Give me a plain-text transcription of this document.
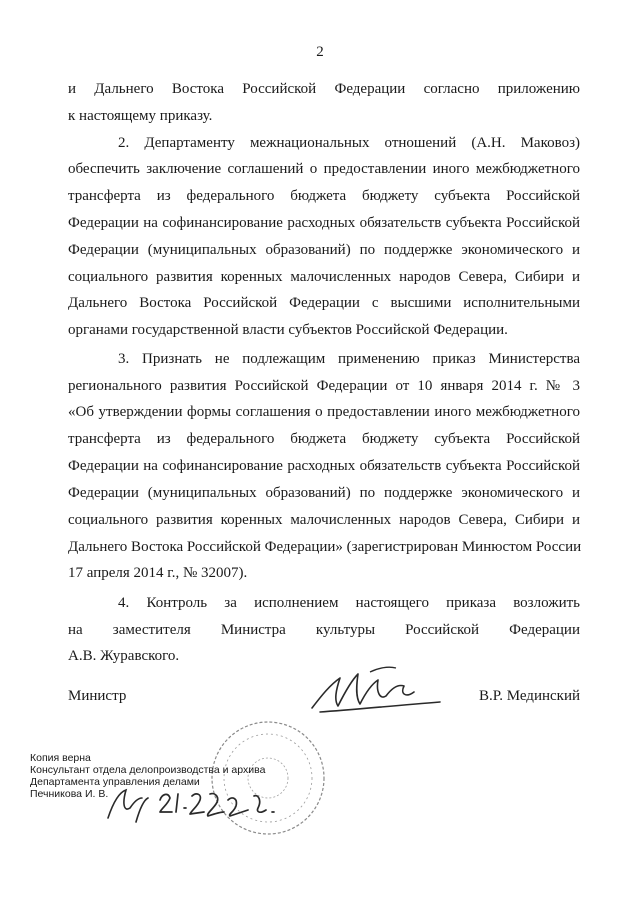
2
и Дальнего Востока Российской Федерации согласно приложению
к настоящему приказу.
2. Департаменту межнациональных отношений (А.Н. Маковоз)
обеспечить заключение соглашений о предоставлении иного межбюджетного
трансферта из федерального бюджета бюджету субъекта Российской
Федерации на софинансирование расходных обязательств субъекта Российской
Федерации (муниципальных образований) по поддержке экономического и
социального развития коренных малочисленных народов Севера, Сибири и
Дальнего Востока Российской Федерации с высшими исполнительными
органами государственной власти субъектов Российской Федерации.
3. Признать не подлежащим применению приказ Министерства
регионального развития Российской Федерации от 10 января 2014 г. № 3
«Об утверждении формы соглашения о предоставлении иного межбюджетного
трансферта из федерального бюджета бюджету субъекта Российской
Федерации на софинансирование расходных обязательств субъекта Российской
Федерации (муниципальных образований) по поддержке экономического и
социального развития коренных малочисленных народов Севера, Сибири и
Дальнего Востока Российской Федерации» (зарегистрирован Минюстом России
17 апреля 2014 г., № 32007).
4. Контроль за исполнением настоящего приказа возложить
на заместителя Министра культуры Российской Федерации
А.В. Журавского.
Министр	В.Р. Мединский
Копия верна
Консультант отдела делопроизводства и архива
Департамента управления делами
Печникова И. В.
